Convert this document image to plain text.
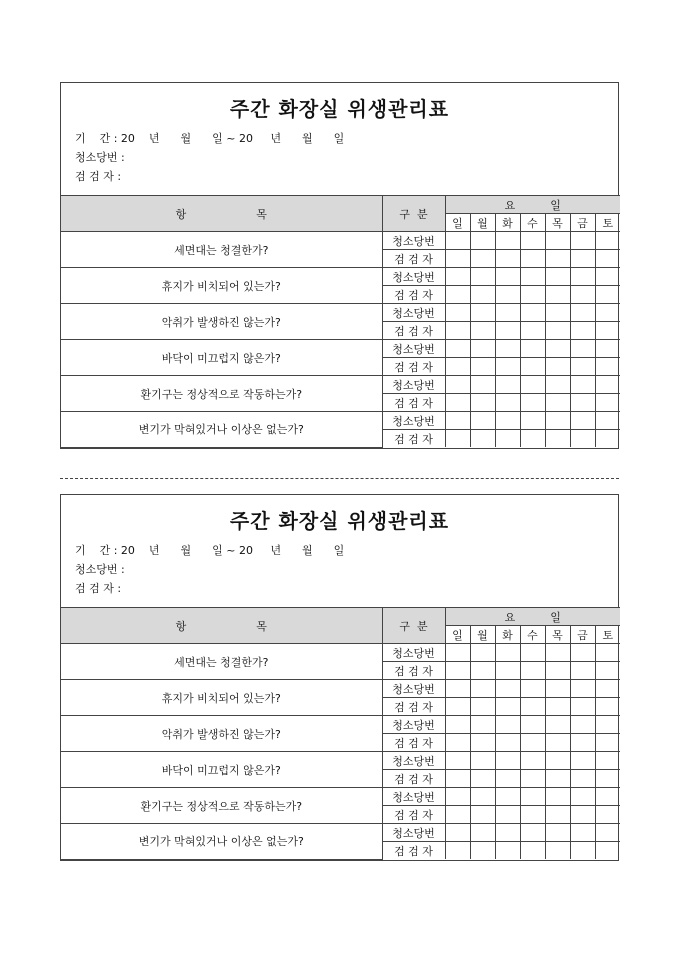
주간 화장실 위생관리표
기    간 : 20    년      월      일 ~ 20     년      월      일
청소당번 :
검 검 자 :
항                    목	구  분	요          일						
		일	월	화	수	목	금	토
세면대는 청결한가?	청소당번							
	검 검 자							
휴지가 비치되어 있는가?	청소당번							
	검 검 자							
악취가 발생하진 않는가?	청소당번							
	검 검 자							
바닥이 미끄럽지 않은가?	청소당번							
	검 검 자							
환기구는 정상적으로 작동하는가?	청소당번							
	검 검 자							
변기가 막혀있거나 이상은 없는가?	청소당번							
	검 검 자							
주간 화장실 위생관리표
기    간 : 20    년      월      일 ~ 20     년      월      일
청소당번 :
검 검 자 :
항                    목	구  분	요          일						
		일	월	화	수	목	금	토
세면대는 청결한가?	청소당번							
	검 검 자							
휴지가 비치되어 있는가?	청소당번							
	검 검 자							
악취가 발생하진 않는가?	청소당번							
	검 검 자							
바닥이 미끄럽지 않은가?	청소당번							
	검 검 자							
환기구는 정상적으로 작동하는가?	청소당번							
	검 검 자							
변기가 막혀있거나 이상은 없는가?	청소당번							
	검 검 자							
